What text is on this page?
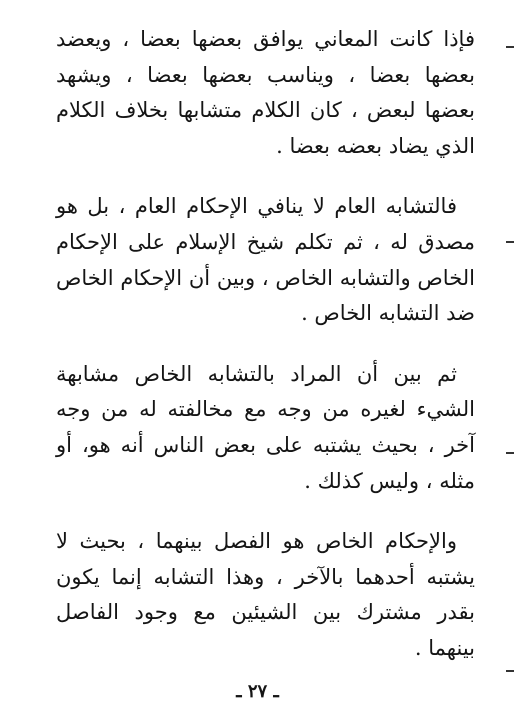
فإذا كانت المعاني يوافق بعضها بعضا ، ويعضد بعضها بعضا ، ويناسب بعضها بعضا ، ويشهد بعضها لبعض ، كان الكلام متشابها بخلاف الكلام الذي يضاد بعضه بعضا .

فالتشابه العام لا ينافي الإحكام العام ، بل هو مصدق له ، ثم تكلم شيخ الإسلام على الإحكام الخاص والتشابه الخاص ، وبين أن الإحكام الخاص ضد التشابه الخاص .

ثم بين أن المراد بالتشابه الخاص مشابهة الشيء لغيره من وجه مع مخالفته له من وجه آخر ، بحيث يشتبه على بعض الناس أنه هو، أو مثله ، وليس كذلك .

والإحكام الخاص هو الفصل بينهما ، بحيث لا يشتبه أحدهما بالآخر ، وهذا التشابه إنما يكون بقدر مشترك بين الشيئين مع وجود الفاصل بينهما .

ـ ٢٧ ـ
